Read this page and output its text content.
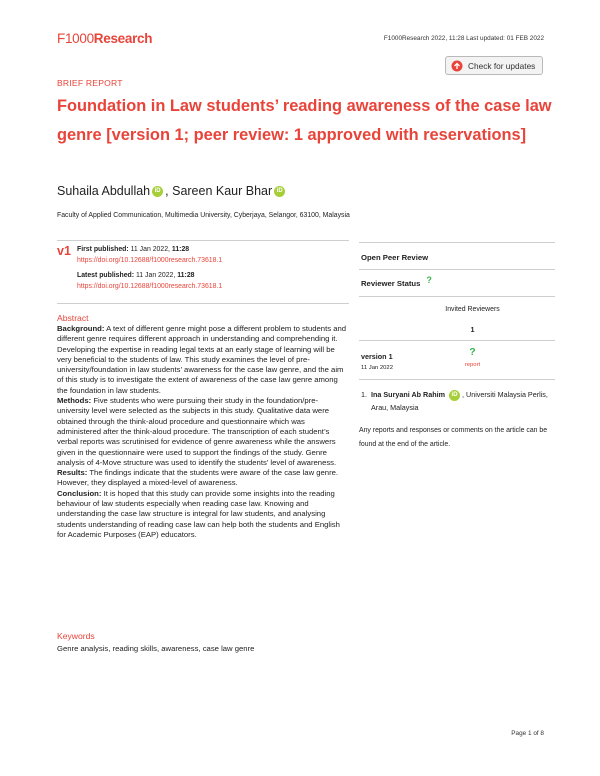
F1000Research	F1000Research 2022, 11:28 Last updated: 01 FEB 2022
BRIEF REPORT
Check for updates
Foundation in Law students’ reading awareness of the case law genre [version 1; peer review: 1 approved with reservations]
Suhaila Abdullah iD ,
Sareen Kaur Bhar iD
Faculty of Applied Communication, Multimedia University, Cyberjaya, Selangor, 63100, Malaysia
v1 First published: 11 Jan 2022, 11:28
https://doi.org/10.12688/f1000research.73618.1
Latest published: 11 Jan 2022, 11:28
https://doi.org/10.12688/f1000research.73618.1
Abstract

Background: A text of different genre might pose a different problem to students and different genre requires different approach in understanding and comprehending it. Developing the expertise in reading legal texts at an early stage of learning will be very beneficial to the students of law. This study examines the level of pre-university/foundation in law students’ awareness for the case law genre, and the aim of this study is to investigate the extent of awareness of the case law genre among the foundation in law students.

Methods: Five students who were pursuing their study in the foundation/pre-university level were selected as the subjects in this study. Qualitative data were obtained through the think-aloud procedure and questionnaire which was administered after the think-aloud procedure. The transcription of each student’s verbal reports was scrutinised for evidence of genre awareness while the answers given in the questionnaire were used to support the findings of the study. Genre analysis of 4-Move structure was used to identify the students’ level of awareness.

Results: The findings indicate that the students were aware of the case law genre. However, they displayed a mixed-level of awareness.

Conclusion: It is hoped that this study can provide some insights into the reading behaviour of law students especially when reading case law. Knowing and understanding the case law structure is integral for law students, and analysing students understanding of reading case law can help both the students and English for Academic Purposes (EAP) educators.

Keywords
Genre analysis, reading skills, awareness, case law genre
Open Peer Review
Reviewer Status ?
Invited Reviewers
1
version 1
11 Jan 2022
?
report
1. Ina Suryani Ab Rahim iD , Universiti Malaysia Perlis, Arau, Malaysia
Any reports and responses or comments on the article can be found at the end of the article.
Page 1 of 8
